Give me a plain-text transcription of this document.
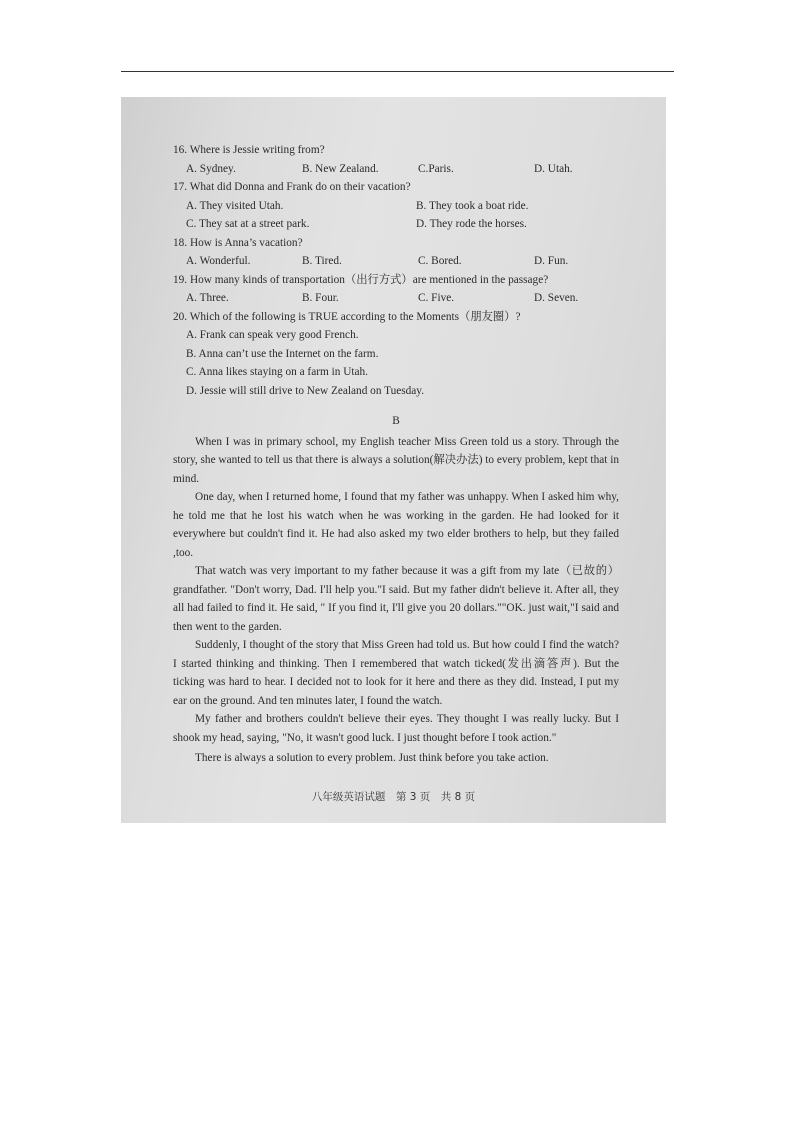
16. Where is Jessie writing from?

A. Sydney.	B. New Zealand.	C.Paris.	D. Utah.

17. What did Donna and Frank do on their vacation?

A. They visited Utah.	B. They took a boat ride.
C. They sat at a street park.	D. They rode the horses.

18. How is Anna’s vacation?

A. Wonderful.	B. Tired.	C. Bored.	D. Fun.

19. How many kinds of transportation（出行方式）are mentioned in the passage?

A. Three.	B. Four.	C. Five.	D. Seven.

20. Which of the following is TRUE according to the Moments（朋友圈）?

A. Frank can speak very good French.
B. Anna can’t use the Internet on the farm.
C. Anna likes staying on a farm in Utah.
D. Jessie will still drive to New Zealand on Tuesday.
B

When I was in primary school, my English teacher Miss Green told us a story. Through the story, she wanted to tell us that there is always a solution(解决办法) to every problem, kept that in mind.

One day, when I returned home, I found that my father was unhappy. When I asked him why, he told me that he lost his watch when he was working in the garden. He had looked for it everywhere but couldn't find it. He had also asked my two elder brothers to help, but they failed ,too.

That watch was very important to my father because it was a gift from my late（已故的）grandfather. "Don't worry, Dad. I'll help you."I said. But my father didn't believe it. After all, they all had failed to find it. He said, " If you find it, I'll give you 20 dollars.""OK. just wait,"I said and then went to the garden.

Suddenly, I thought of the story that Miss Green had told us. But how could I find the watch? I started thinking and thinking. Then I remembered that watch ticked(发出滴答声). But the ticking was hard to hear. I decided not to look for it here and there as they did. Instead, I put my ear on the ground. And ten minutes later, I found the watch.

My father and brothers couldn't believe their eyes. They thought I was really lucky. But I shook my head, saying, "No, it wasn't good luck. I just thought before I took action."

There is always a solution to every problem. Just think before you take action.

八年级英语试题　第 3 页　共 8 页
